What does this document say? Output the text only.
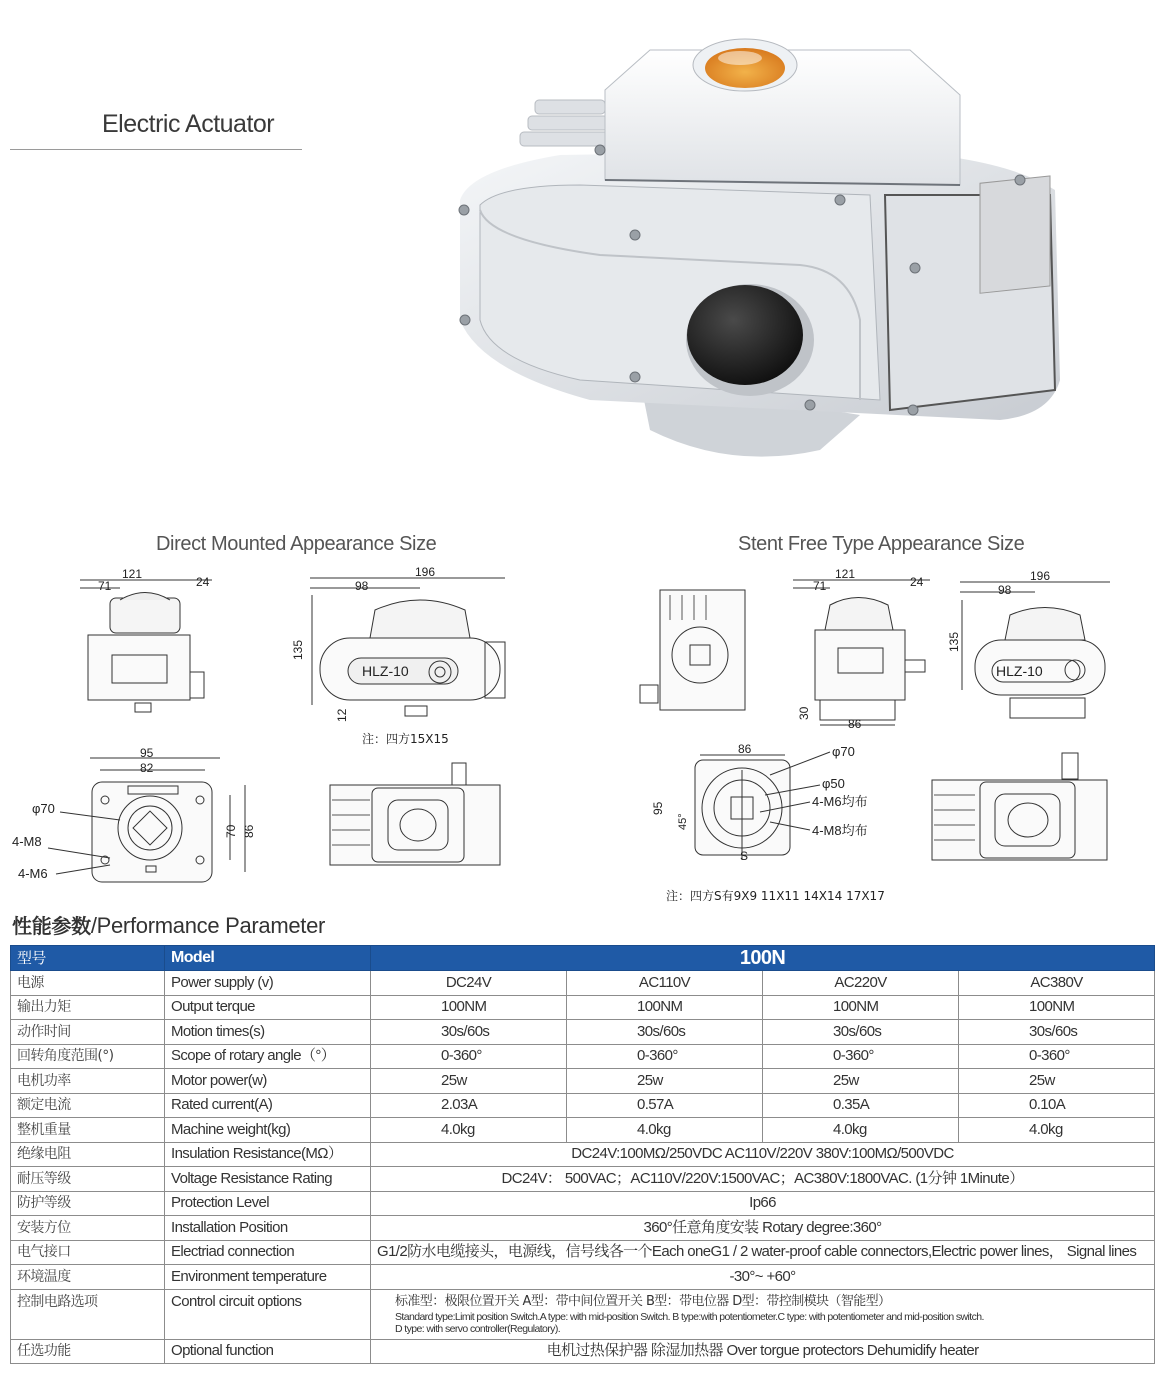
Electric Actuator
Direct Mounted Appearance Size	Stent Free Type Appearance Size
121
71	24
196
98
135
HLZ-10
12
95
82
70 86
φ70
4-M8
4-M6
121
71	24
30
86
196
98
135
HLZ-10
86
95
45°
S
φ70
φ50
4-M6均布
4-M8均布
注：四方15X15
注：四方S有9X9 11X11 14X14 17X17
性能参数/Performance Parameter
型号	Model	100N			
电源	Power supply (v)	DC24V	AC110V	AC220V	AC380V
输出力矩	Output terque	100NM	100NM	100NM	100NM
动作时间	Motion times(s)	30s/60s	30s/60s	30s/60s	30s/60s
回转角度范围(°)	Scope of rotary angle（°）	0-360°	0-360°	0-360°	0-360°
电机功率	Motor power(w)	25w	25w	25w	25w
额定电流	Rated current(A)	2.03A	0.57A	0.35A	0.10A
整机重量	Machine weight(kg)	4.0kg	4.0kg	4.0kg	4.0kg
绝缘电阻	Insulation Resistance(MΩ）	DC24V:100MΩ/250VDC AC110V/220V 380V:100MΩ/500VDC			
耐压等级	Voltage Resistance Rating	DC24V： 500VAC；AC110V/220V:1500VAC；AC380V:1800VAC. (1分钟 1Minute）			
防护等级	Protection Level	Ip66			
安装方位	Installation Position	360°任意角度安装 Rotary degree:360°			
电气接口	Electriad connection	G1/2防水电缆接头，电源线，信号线各一个Each oneG1 / 2 water-proof cable connectors,Electric power lines， Signal lines			
环境温度	Environment temperature	-30°~ +60°			
控制电路选项	Control circuit options	标准型：极限位置开关 A型：带中间位置开关 B型：带电位器 D型：带控制模块（智能型）
Standard type:Limit position Switch.A type: with mid-position Switch. B type:with potentiometer.C type: with potentiometer and mid-position switch.
D type: with servo controller(Regulatory).			

任选功能	Optional function	电机过热保护器 除湿加热器 Over torgue protectors Dehumidify heater			
